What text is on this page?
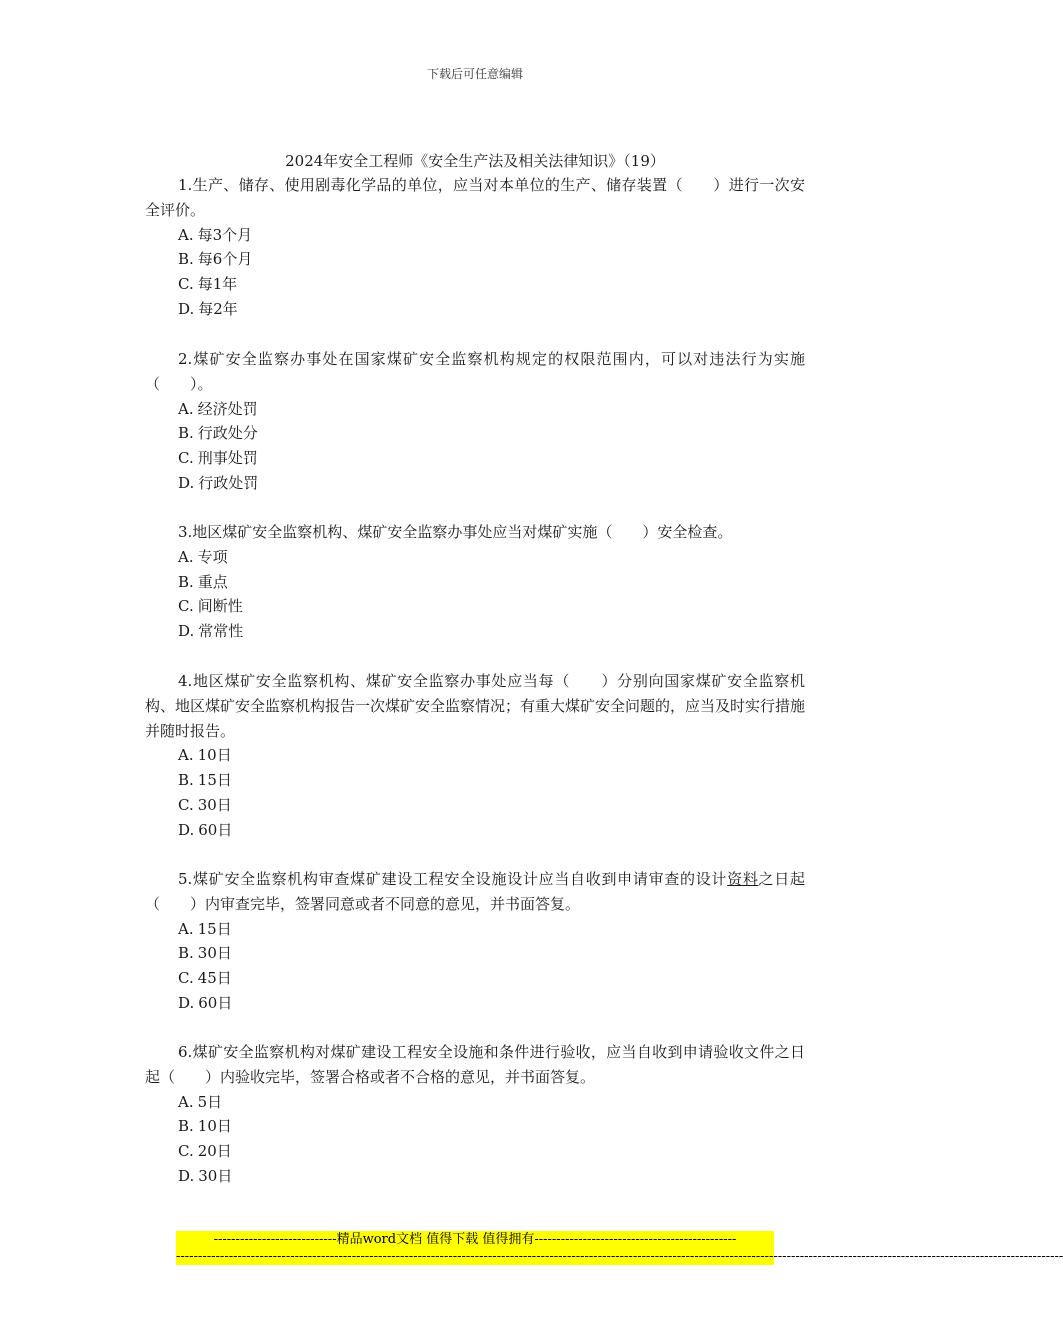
下载后可任意编辑
2024年安全工程师《安全生产法及相关法律知识》（19）

1.生产、储存、使用剧毒化学品的单位，应当对本单位的生产、储存装置（　　）进行一次安全评价。

A. 每3个月
B. 每6个月
C. 每1年
D. 每2年

2.煤矿安全监察办事处在国家煤矿安全监察机构规定的权限范围内，可以对违法行为实施（　　）。

A. 经济处罚
B. 行政处分
C. 刑事处罚
D. 行政处罚

3.地区煤矿安全监察机构、煤矿安全监察办事处应当对煤矿实施（　　）安全检查。

A. 专项
B. 重点
C. 间断性
D. 常常性

4.地区煤矿安全监察机构、煤矿安全监察办事处应当每（　　）分别向国家煤矿安全监察机构、地区煤矿安全监察机构报告一次煤矿安全监察情况；有重大煤矿安全问题的，应当及时实行措施并随时报告。

A. 10日
B. 15日
C. 30日
D. 60日

5.煤矿安全监察机构审查煤矿建设工程安全设施设计应当自收到申请审查的设计资料之日起（　　）内审查完毕，签署同意或者不同意的意见，并书面答复。

A. 15日
B. 30日
C. 45日
D. 60日

6.煤矿安全监察机构对煤矿建设工程安全设施和条件进行验收，应当自收到申请验收文件之日起（　　）内验收完毕，签署合格或者不合格的意见，并书面答复。

A. 5日
B. 10日
C. 20日
D. 30日
----------------------------精品word文档 值得下载 值得拥有----------------------------------------------
----------------------------------------------------------------------------------------------------------------------------------------------------------------------------------------------------------
